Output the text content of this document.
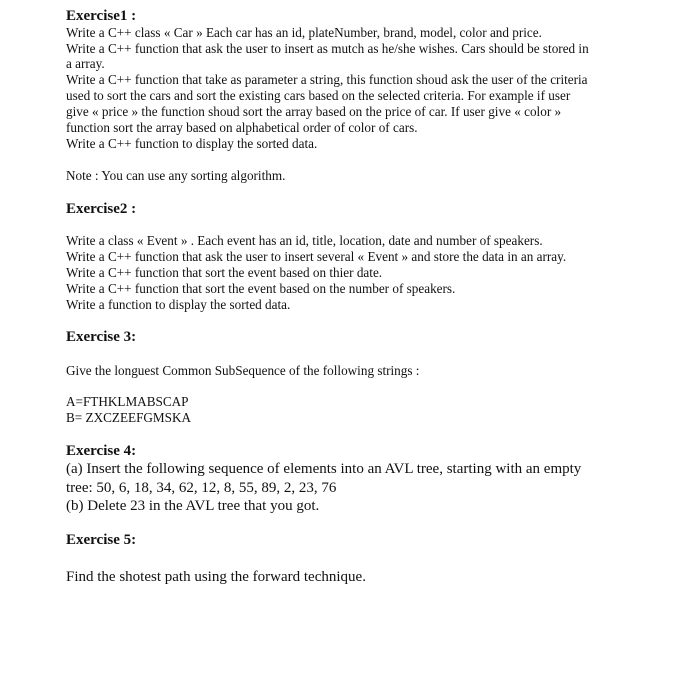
Exercise1 :
Write a C++ class « Car » Each car has an id, plateNumber, brand, model, color and price.
Write a C++ function that ask the user to insert as mutch as he/she wishes. Cars should be stored in
a array.
Write a C++ function that take as parameter a string, this function shoud ask the user of the criteria
used to sort the cars and sort the existing cars based on the selected criteria. For example if user
give « price » the function shoud sort the array based on the price of car. If user give « color »
function sort the array based on alphabetical order of color of cars.
Write a C++ function to display the sorted data.
Note : You can use any sorting algorithm.
Exercise2 :
Write a class « Event » . Each event has an id, title, location, date and number of speakers.
Write a C++ function that ask the user to insert several « Event » and store the data in an array.
Write a C++ function that sort the event based on thier date.
Write a C++ function that sort the event based on the number of speakers.
Write a function to display the sorted data.
Exercise 3:
Give the longuest Common SubSequence of the following strings :
A=FTHKLMABSCAP
B= ZXCZEEFGMSKA
Exercise 4:
(a) Insert the following sequence of elements into an AVL tree, starting with an empty
tree: 50, 6, 18, 34, 62, 12, 8, 55, 89, 2, 23, 76
(b) Delete 23 in the AVL tree that you got.
Exercise 5:
Find the shotest path using the forward technique.
